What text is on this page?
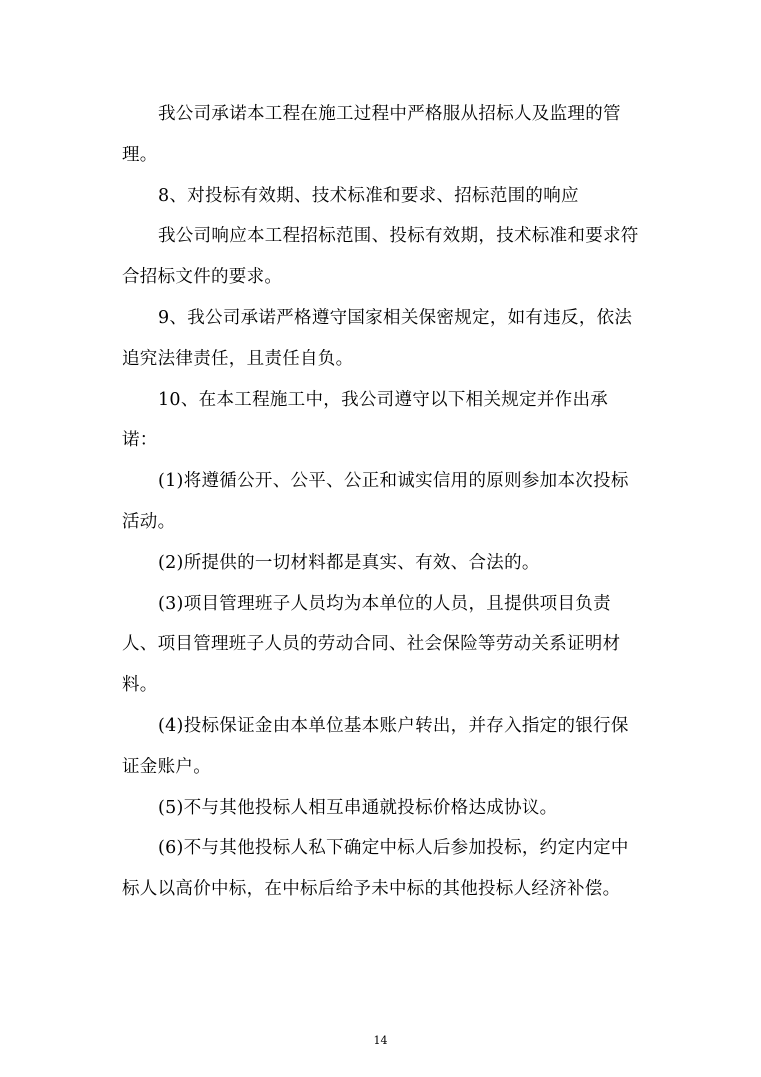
我公司承诺本工程在施工过程中严格服从招标人及监理的管理。

8、对投标有效期、技术标准和要求、招标范围的响应

我公司响应本工程招标范围、投标有效期，技术标准和要求符合招标文件的要求。

9、我公司承诺严格遵守国家相关保密规定，如有违反，依法追究法律责任，且责任自负。

10、在本工程施工中，我公司遵守以下相关规定并作出承诺：

(1)将遵循公开、公平、公正和诚实信用的原则参加本次投标活动。

(2)所提供的一切材料都是真实、有效、合法的。

(3)项目管理班子人员均为本单位的人员，且提供项目负责人、项目管理班子人员的劳动合同、社会保险等劳动关系证明材料。

(4)投标保证金由本单位基本账户转出，并存入指定的银行保证金账户。

(5)不与其他投标人相互串通就投标价格达成协议。

(6)不与其他投标人私下确定中标人后参加投标，约定内定中标人以高价中标，在中标后给予未中标的其他投标人经济补偿。

14
